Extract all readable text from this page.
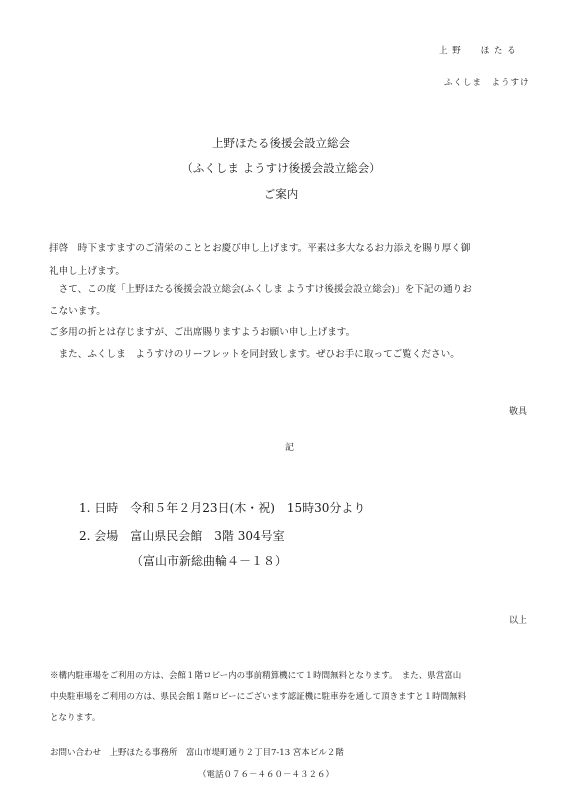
上 野　　ほ た る
ふくしま　ようすけ
上野ほたる後援会設立総会
（ふくしま ようすけ後援会設立総会）
ご案内
拝啓　時下ますますのご清栄のこととお慶び申し上げます。平素は多大なるお力添えを賜り厚く御
礼申し上げます。
　さて、この度「上野ほたる後援会設立総会(ふくしま ようすけ後援会設立総会)」を下記の通りお
こないます。
ご多用の折とは存じますが、ご出席賜りますようお願い申し上げます。
　また、ふくしま　ようすけのリーフレットを同封致します。ぜひお手に取ってご覧ください。
敬具
記
1. 日時　令和５年２月23日(木・祝)　15時30分より
2. 会場　富山県民会館　3階 304号室
（富山市新総曲輪４－１８）
以上
※構内駐車場をご利用の方は、会館１階ロビー内の事前精算機にて１時間無料となります。　また、県営富山
中央駐車場をご利用の方は、県民会館１階ロビーにございます認証機に駐車券を通して頂きますと１時間無料
となります。
お問い合わせ　上野ほたる事務所　富山市堤町通り２丁目7-13 宮本ビル２階
（電話０７６－４６０－４３２６）
